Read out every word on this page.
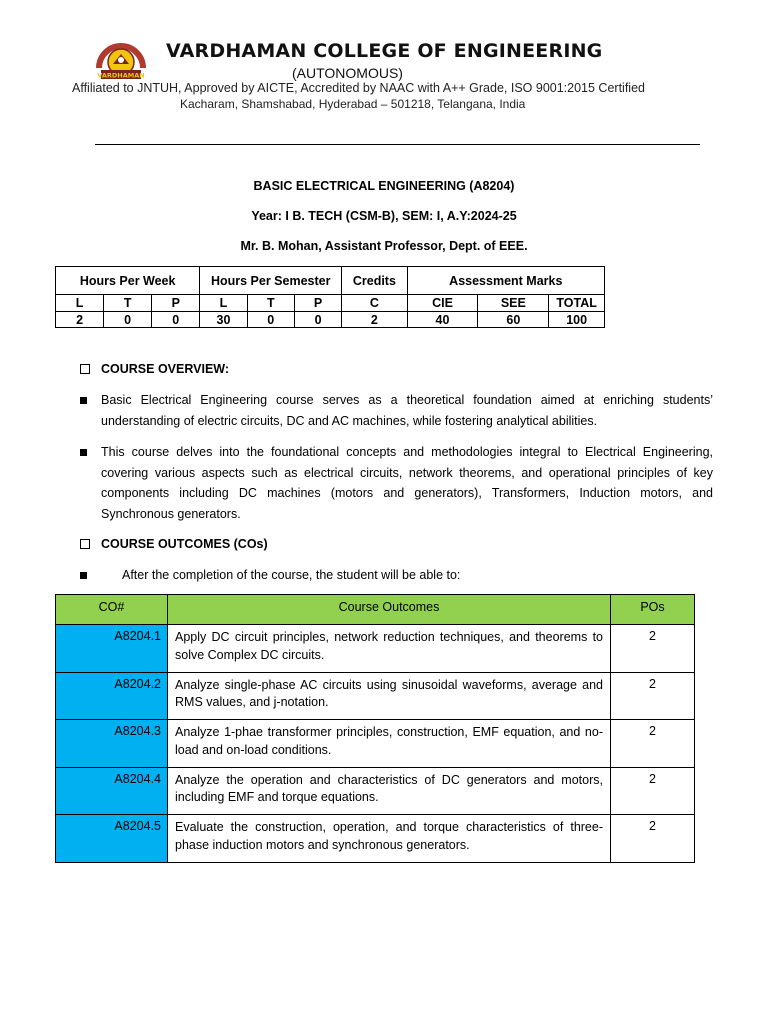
VARDHAMAN
VARDHAMAN COLLEGE OF ENGINEERING
(AUTONOMOUS)
Affiliated to JNTUH, Approved by AICTE, Accredited by NAAC with A++ Grade, ISO 9001:2015 Certified
Kacharam, Shamshabad, Hyderabad – 501218, Telangana, India
BASIC ELECTRICAL ENGINEERING (A8204)
Year: I B. TECH (CSM-B), SEM: I, A.Y:2024-25
Mr. B. Mohan, Assistant Professor, Dept. of EEE.
Hours Per Week			Hours Per Semester			Credits	Assessment Marks		
L	T	P	L	T	P	C	CIE	SEE	TOTAL
2	0	0	30	0	0	2	40	60	100
COURSE OVERVIEW:
Basic Electrical Engineering course serves as a theoretical foundation aimed at enriching students’ understanding of electric circuits, DC and AC machines, while fostering analytical abilities.
This course delves into the foundational concepts and methodologies integral to Electrical Engineering, covering various aspects such as electrical circuits, network theorems, and operational principles of key components including DC machines (motors and generators), Transformers, Induction motors, and Synchronous generators.
COURSE OUTCOMES (COs)
After the completion of the course, the student will be able to:
CO#	Course Outcomes	POs
A8204.1	Apply DC circuit principles, network reduction techniques, and theorems to solve Complex DC circuits.	2
A8204.2	Analyze single-phase AC circuits using sinusoidal waveforms, average and RMS values, and j-notation.	2
A8204.3	Analyze 1-phae transformer principles, construction, EMF equation, and no-load and on-load conditions.	2
A8204.4	Analyze the operation and characteristics of DC generators and motors, including EMF and torque equations.	2
A8204.5	Evaluate the construction, operation, and torque characteristics of three-phase induction motors and synchronous generators.	2
